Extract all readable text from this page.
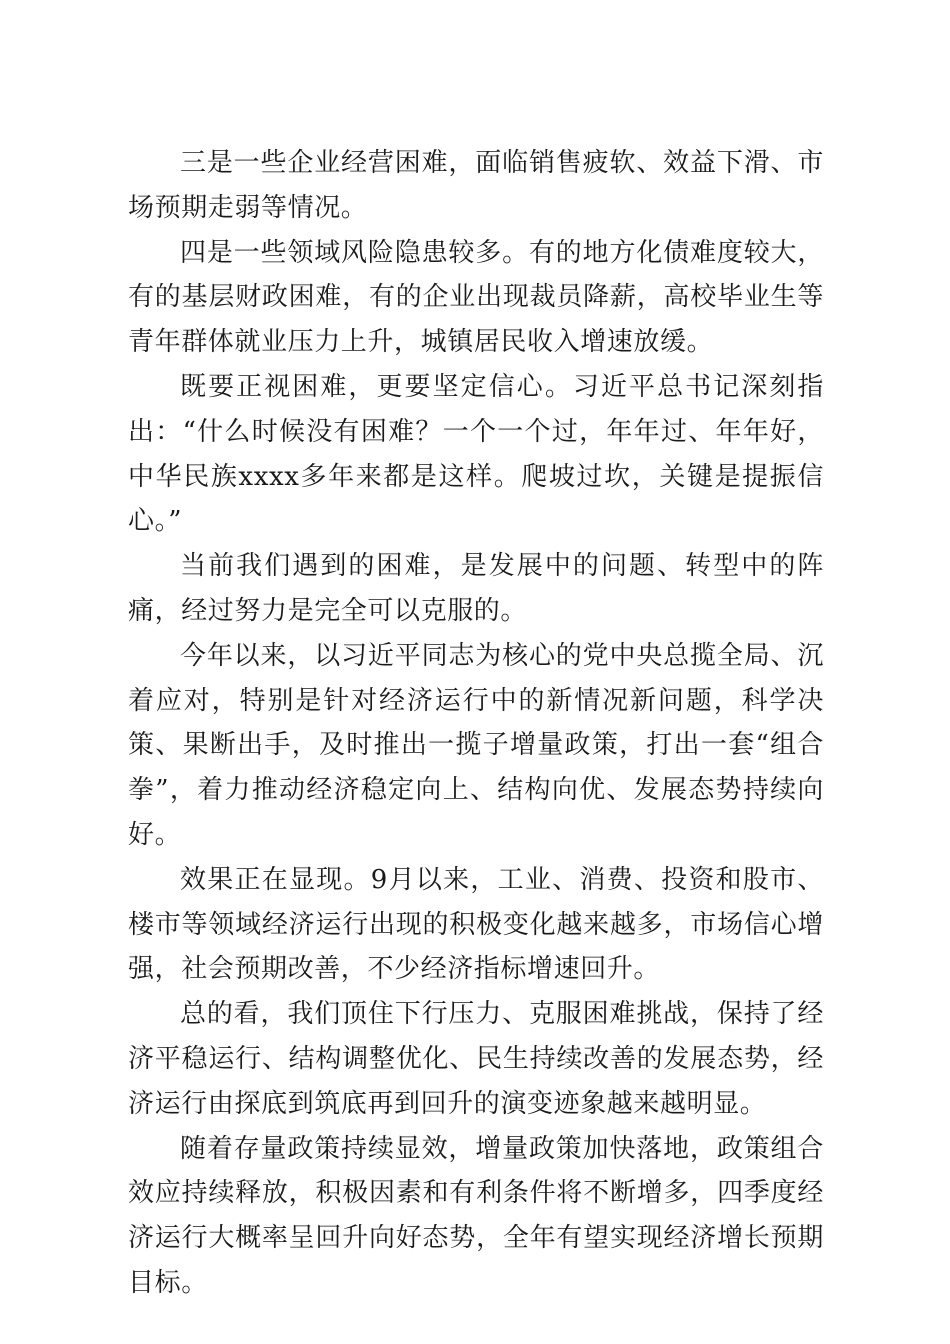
三是一些企业经营困难，面临销售疲软、效益下滑、市场预期走弱等情况。

四是一些领域风险隐患较多。有的地方化债难度较大，有的基层财政困难，有的企业出现裁员降薪，高校毕业生等青年群体就业压力上升，城镇居民收入增速放缓。

既要正视困难，更要坚定信心。习近平总书记深刻指出：“什么时候没有困难？一个一个过，年年过、年年好，中华民族xxxx多年来都是这样。爬坡过坎，关键是提振信心。”

当前我们遇到的困难，是发展中的问题、转型中的阵痛，经过努力是完全可以克服的。

今年以来，以习近平同志为核心的党中央总揽全局、沉着应对，特别是针对经济运行中的新情况新问题，科学决策、果断出手，及时推出一揽子增量政策，打出一套“组合拳”，着力推动经济稳定向上、结构向优、发展态势持续向好。

效果正在显现。9月以来，工业、消费、投资和股市、楼市等领域经济运行出现的积极变化越来越多，市场信心增强，社会预期改善，不少经济指标增速回升。

总的看，我们顶住下行压力、克服困难挑战，保持了经济平稳运行、结构调整优化、民生持续改善的发展态势，经济运行由探底到筑底再到回升的演变迹象越来越明显。

随着存量政策持续显效，增量政策加快落地，政策组合效应持续释放，积极因素和有利条件将不断增多，四季度经济运行大概率呈回升向好态势，全年有望实现经济增长预期目标。
